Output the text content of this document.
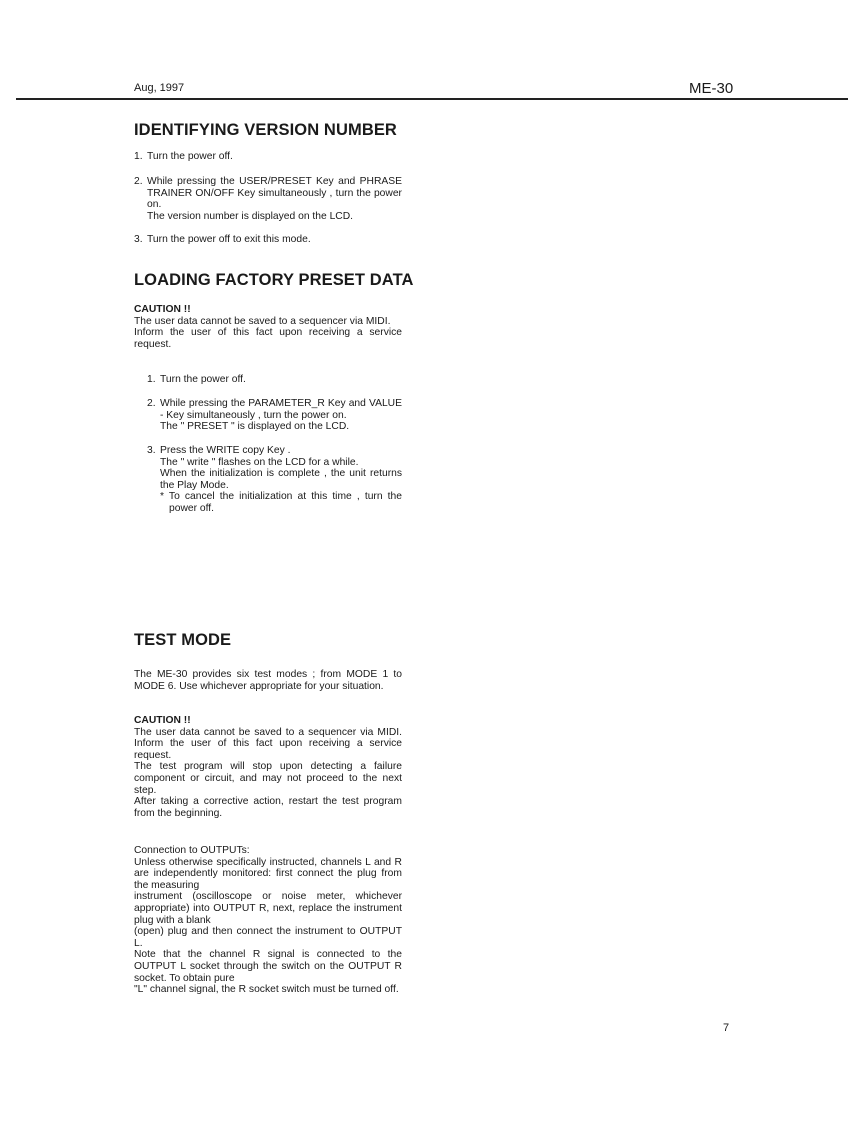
Aug, 1997	ME-30
IDENTIFYING VERSION NUMBER
1. Turn the power off.
2. While pressing the USER/PRESET Key and PHRASE TRAINER ON/OFF Key simultaneously , turn the power on.
The version number is displayed on the LCD.
3. Turn the power off to exit this mode.
LOADING FACTORY PRESET DATA

CAUTION !!

The user data cannot be saved to a sequencer via MIDI.

Inform the user of this fact upon receiving a service request.

1. Turn the power off.
2. While pressing the PARAMETER_R Key and VALUE - Key simultaneously , turn the power on.
The " PRESET " is displayed on the LCD.
3. Press the WRITE copy Key .
The " write " flashes on the LCD for a while.
When the initialization is complete , the unit returns the Play Mode.
* To cancel the initialization at this time , turn the power off.
TEST MODE

The ME-30 provides six test modes ; from MODE 1 to MODE 6. Use whichever appropriate for your situation.

CAUTION !!

The user data cannot be saved to a sequencer via MIDI. Inform the user of this fact upon receiving a service request.

The test program will stop upon detecting a failure component or circuit, and may not proceed to the next step.

After taking a corrective action, restart the test program from the beginning.

Connection to OUTPUTs:

Unless otherwise specifically instructed, channels L and R are independently monitored: first connect the plug from the measuring

instrument (oscilloscope or noise meter, whichever appropriate) into OUTPUT R, next, replace the instrument plug with a blank

(open) plug and then connect the instrument to OUTPUT L.

Note that the channel R signal is connected to the OUTPUT L socket through the switch on the OUTPUT R socket. To obtain pure

"L" channel signal, the R socket switch must be turned off.

7
